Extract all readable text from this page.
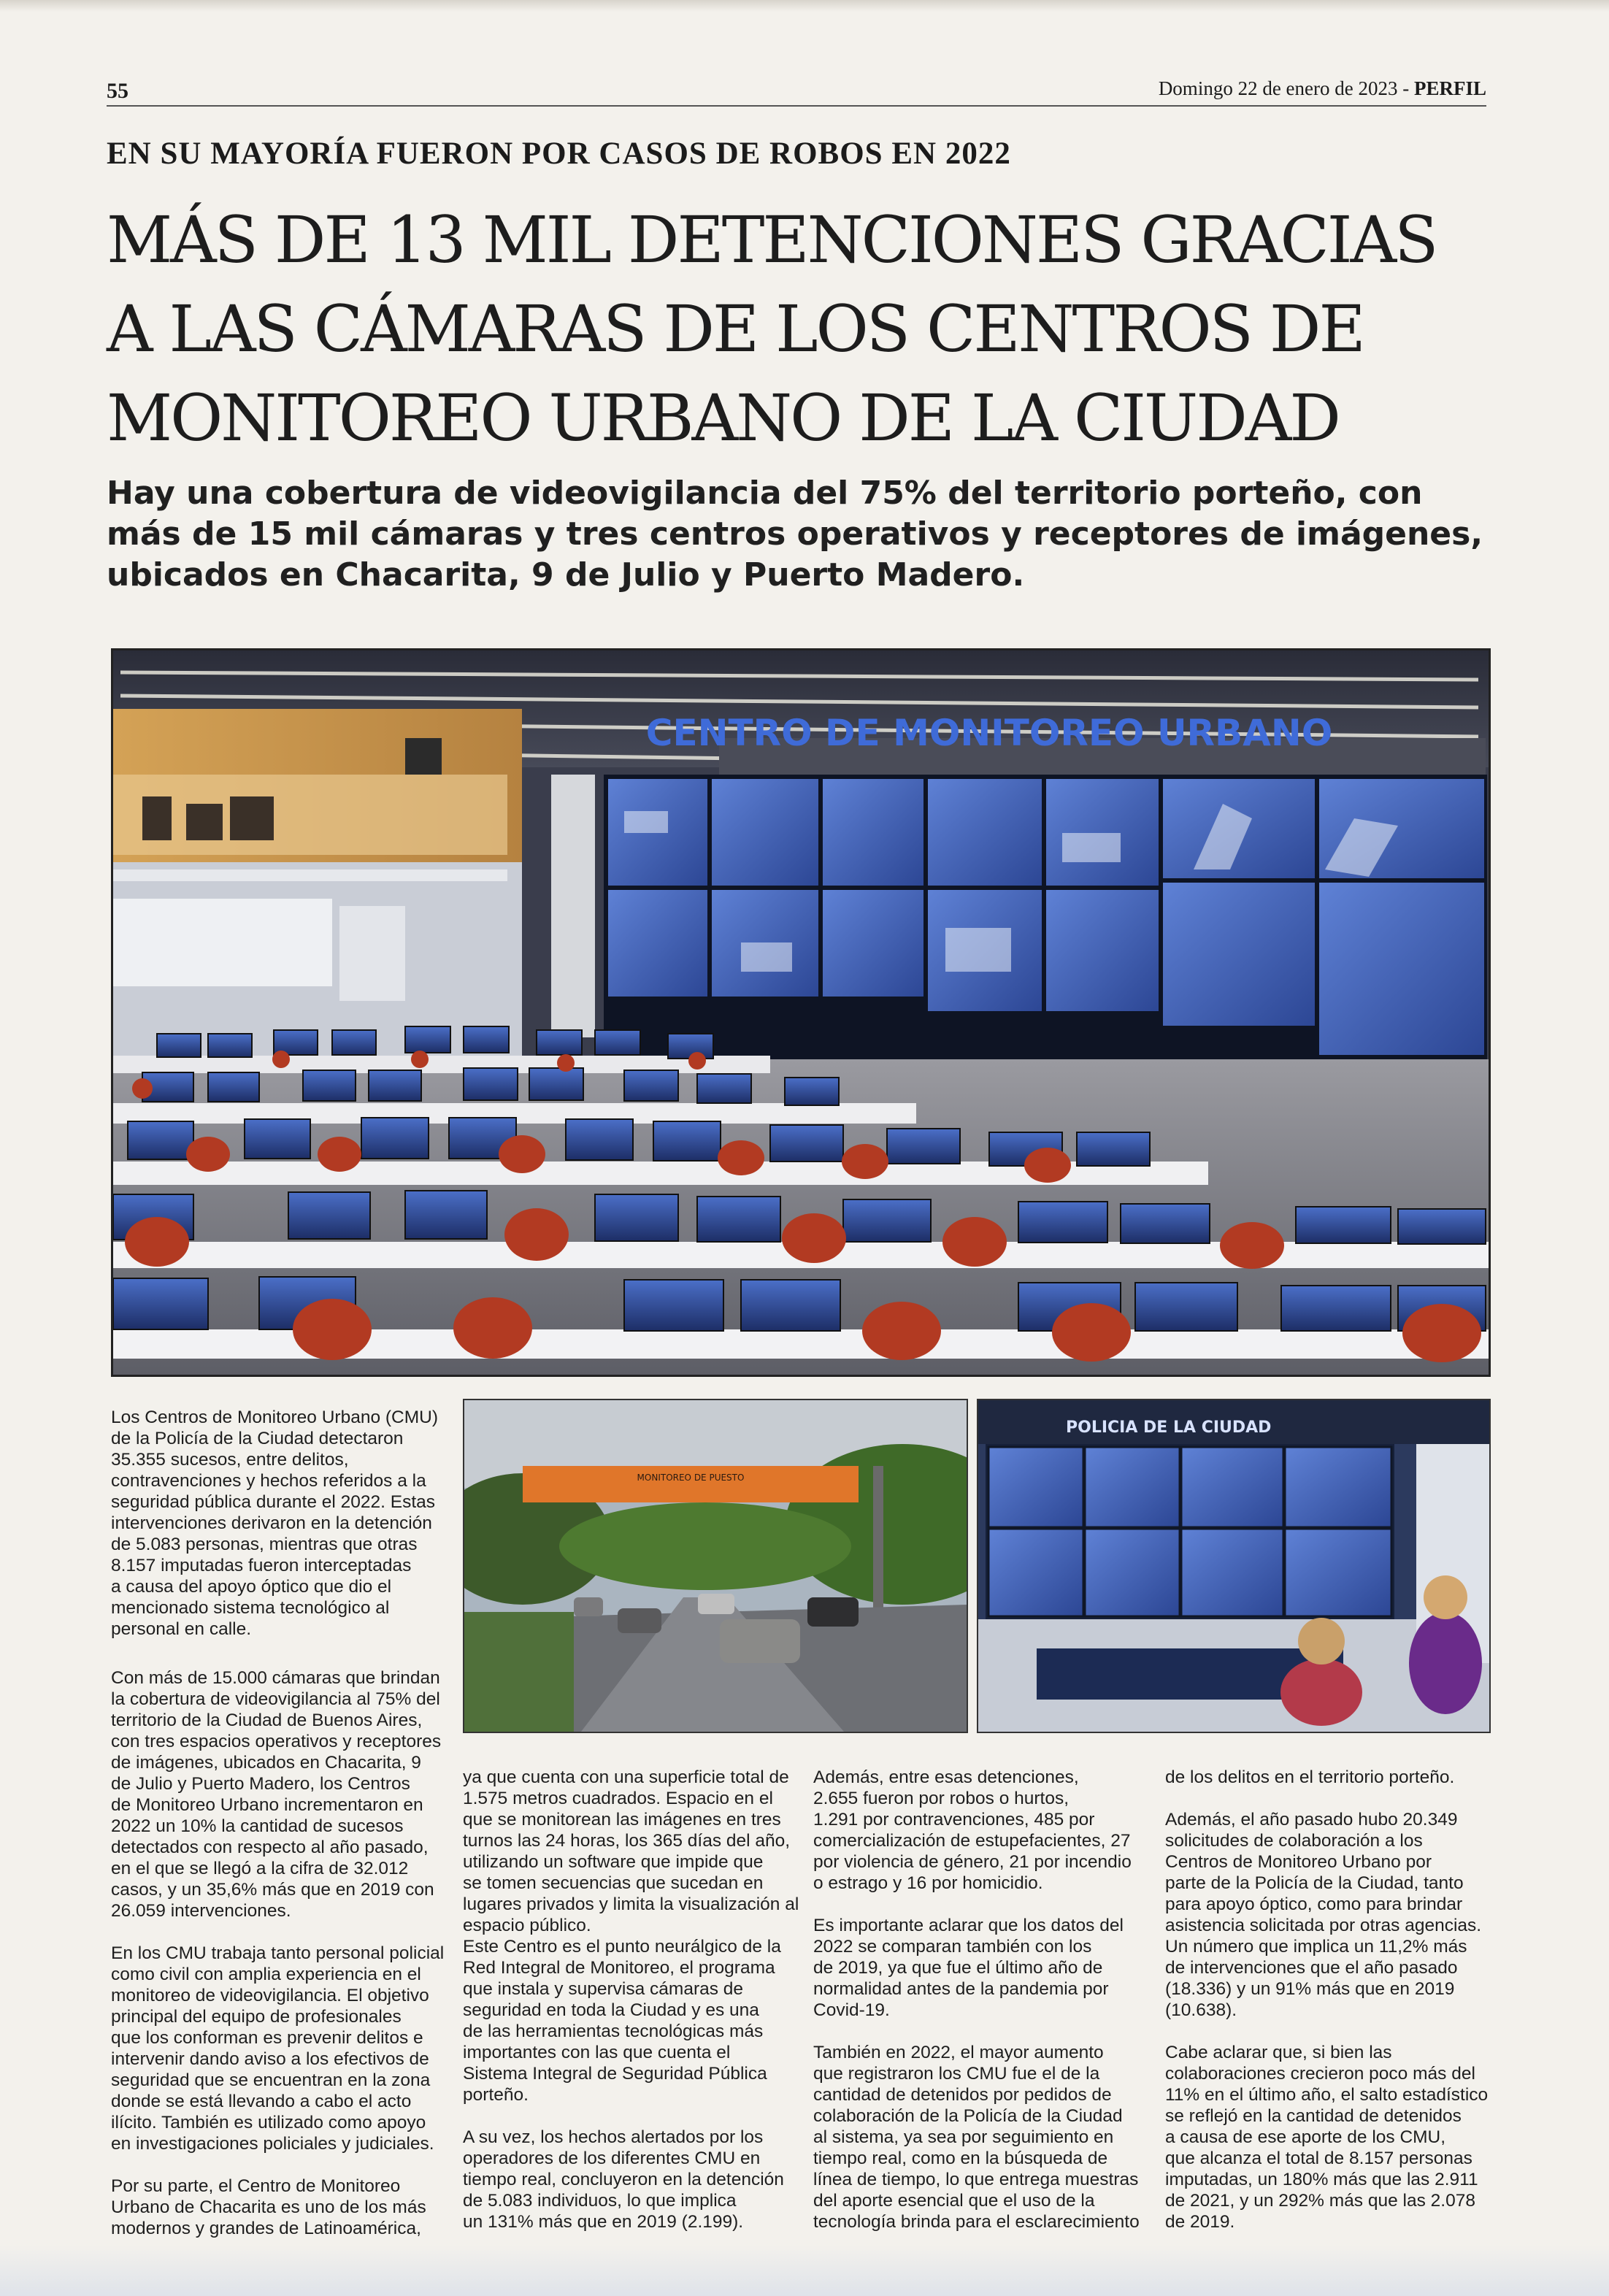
55	Domingo 22 de enero de 2023 - PERFIL
EN SU MAYORÍA FUERON POR CASOS DE ROBOS EN 2022
MÁS DE 13 MIL DETENCIONES GRACIAS
A LAS CÁMARAS DE LOS CENTROS DE
MONITOREO URBANO DE LA CIUDAD
Hay una cobertura de videovigilancia del 75% del territorio porteño, con
más de 15 mil cámaras y tres centros operativos y receptores de imágenes,
ubicados en Chacarita, 9 de Julio y Puerto Madero.
CENTRO DE MONITOREO URBANO
MONITOREO DE PUESTO
POLICIA DE LA CIUDAD

Los Centros de Monitoreo Urbano (CMU)
de la Policía de la Ciudad detectaron
35.355 sucesos, entre delitos,
contravenciones y hechos referidos a la
seguridad pública durante el 2022. Estas
intervenciones derivaron en la detención
de 5.083 personas, mientras que otras
8.157 imputadas fueron interceptadas
a causa del apoyo óptico que dio el
mencionado sistema tecnológico al
personal en calle.

Con más de 15.000 cámaras que brindan
la cobertura de videovigilancia al 75% del
territorio de la Ciudad de Buenos Aires,
con tres espacios operativos y receptores
de imágenes, ubicados en Chacarita, 9
de Julio y Puerto Madero, los Centros
de Monitoreo Urbano incrementaron en
2022 un 10% la cantidad de sucesos
detectados con respecto al año pasado,
en el que se llegó a la cifra de 32.012
casos, y un 35,6% más que en 2019 con
26.059 intervenciones.

En los CMU trabaja tanto personal policial
como civil con amplia experiencia en el
monitoreo de videovigilancia. El objetivo
principal del equipo de profesionales
que los conforman es prevenir delitos e
intervenir dando aviso a los efectivos de
seguridad que se encuentran en la zona
donde se está llevando a cabo el acto
ilícito. También es utilizado como apoyo
en investigaciones policiales y judiciales.

Por su parte, el Centro de Monitoreo
Urbano de Chacarita es uno de los más
modernos y grandes de Latinoamérica,

ya que cuenta con una superficie total de
1.575 metros cuadrados. Espacio en el
que se monitorean las imágenes en tres
turnos las 24 horas, los 365 días del año,
utilizando un software que impide que
se tomen secuencias que sucedan en
lugares privados y limita la visualización al
espacio público.
Este Centro es el punto neurálgico de la
Red Integral de Monitoreo, el programa
que instala y supervisa cámaras de
seguridad en toda la Ciudad y es una
de las herramientas tecnológicas más
importantes con las que cuenta el
Sistema Integral de Seguridad Pública
porteño.

A su vez, los hechos alertados por los
operadores de los diferentes CMU en
tiempo real, concluyeron en la detención
de 5.083 individuos, lo que implica
un 131% más que en 2019 (2.199).

Además, entre esas detenciones,
2.655 fueron por robos o hurtos,
1.291 por contravenciones, 485 por
comercialización de estupefacientes, 27
por violencia de género, 21 por incendio
o estrago y 16 por homicidio.

Es importante aclarar que los datos del
2022 se comparan también con los
de 2019, ya que fue el último año de
normalidad antes de la pandemia por
Covid-19.

También en 2022, el mayor aumento
que registraron los CMU fue el de la
cantidad de detenidos por pedidos de
colaboración de la Policía de la Ciudad
al sistema, ya sea por seguimiento en
tiempo real, como en la búsqueda de
línea de tiempo, lo que entrega muestras
del aporte esencial que el uso de la
tecnología brinda para el esclarecimiento

de los delitos en el territorio porteño.

Además, el año pasado hubo 20.349
solicitudes de colaboración a los
Centros de Monitoreo Urbano por
parte de la Policía de la Ciudad, tanto
para apoyo óptico, como para brindar
asistencia solicitada por otras agencias.
Un número que implica un 11,2% más
de intervenciones que el año pasado
(18.336) y un 91% más que en 2019
(10.638).

Cabe aclarar que, si bien las
colaboraciones crecieron poco más del
11% en el último año, el salto estadístico
se reflejó en la cantidad de detenidos
a causa de ese aporte de los CMU,
que alcanza el total de 8.157 personas
imputadas, un 180% más que las 2.911
de 2021, y un 292% más que las 2.078
de 2019.
